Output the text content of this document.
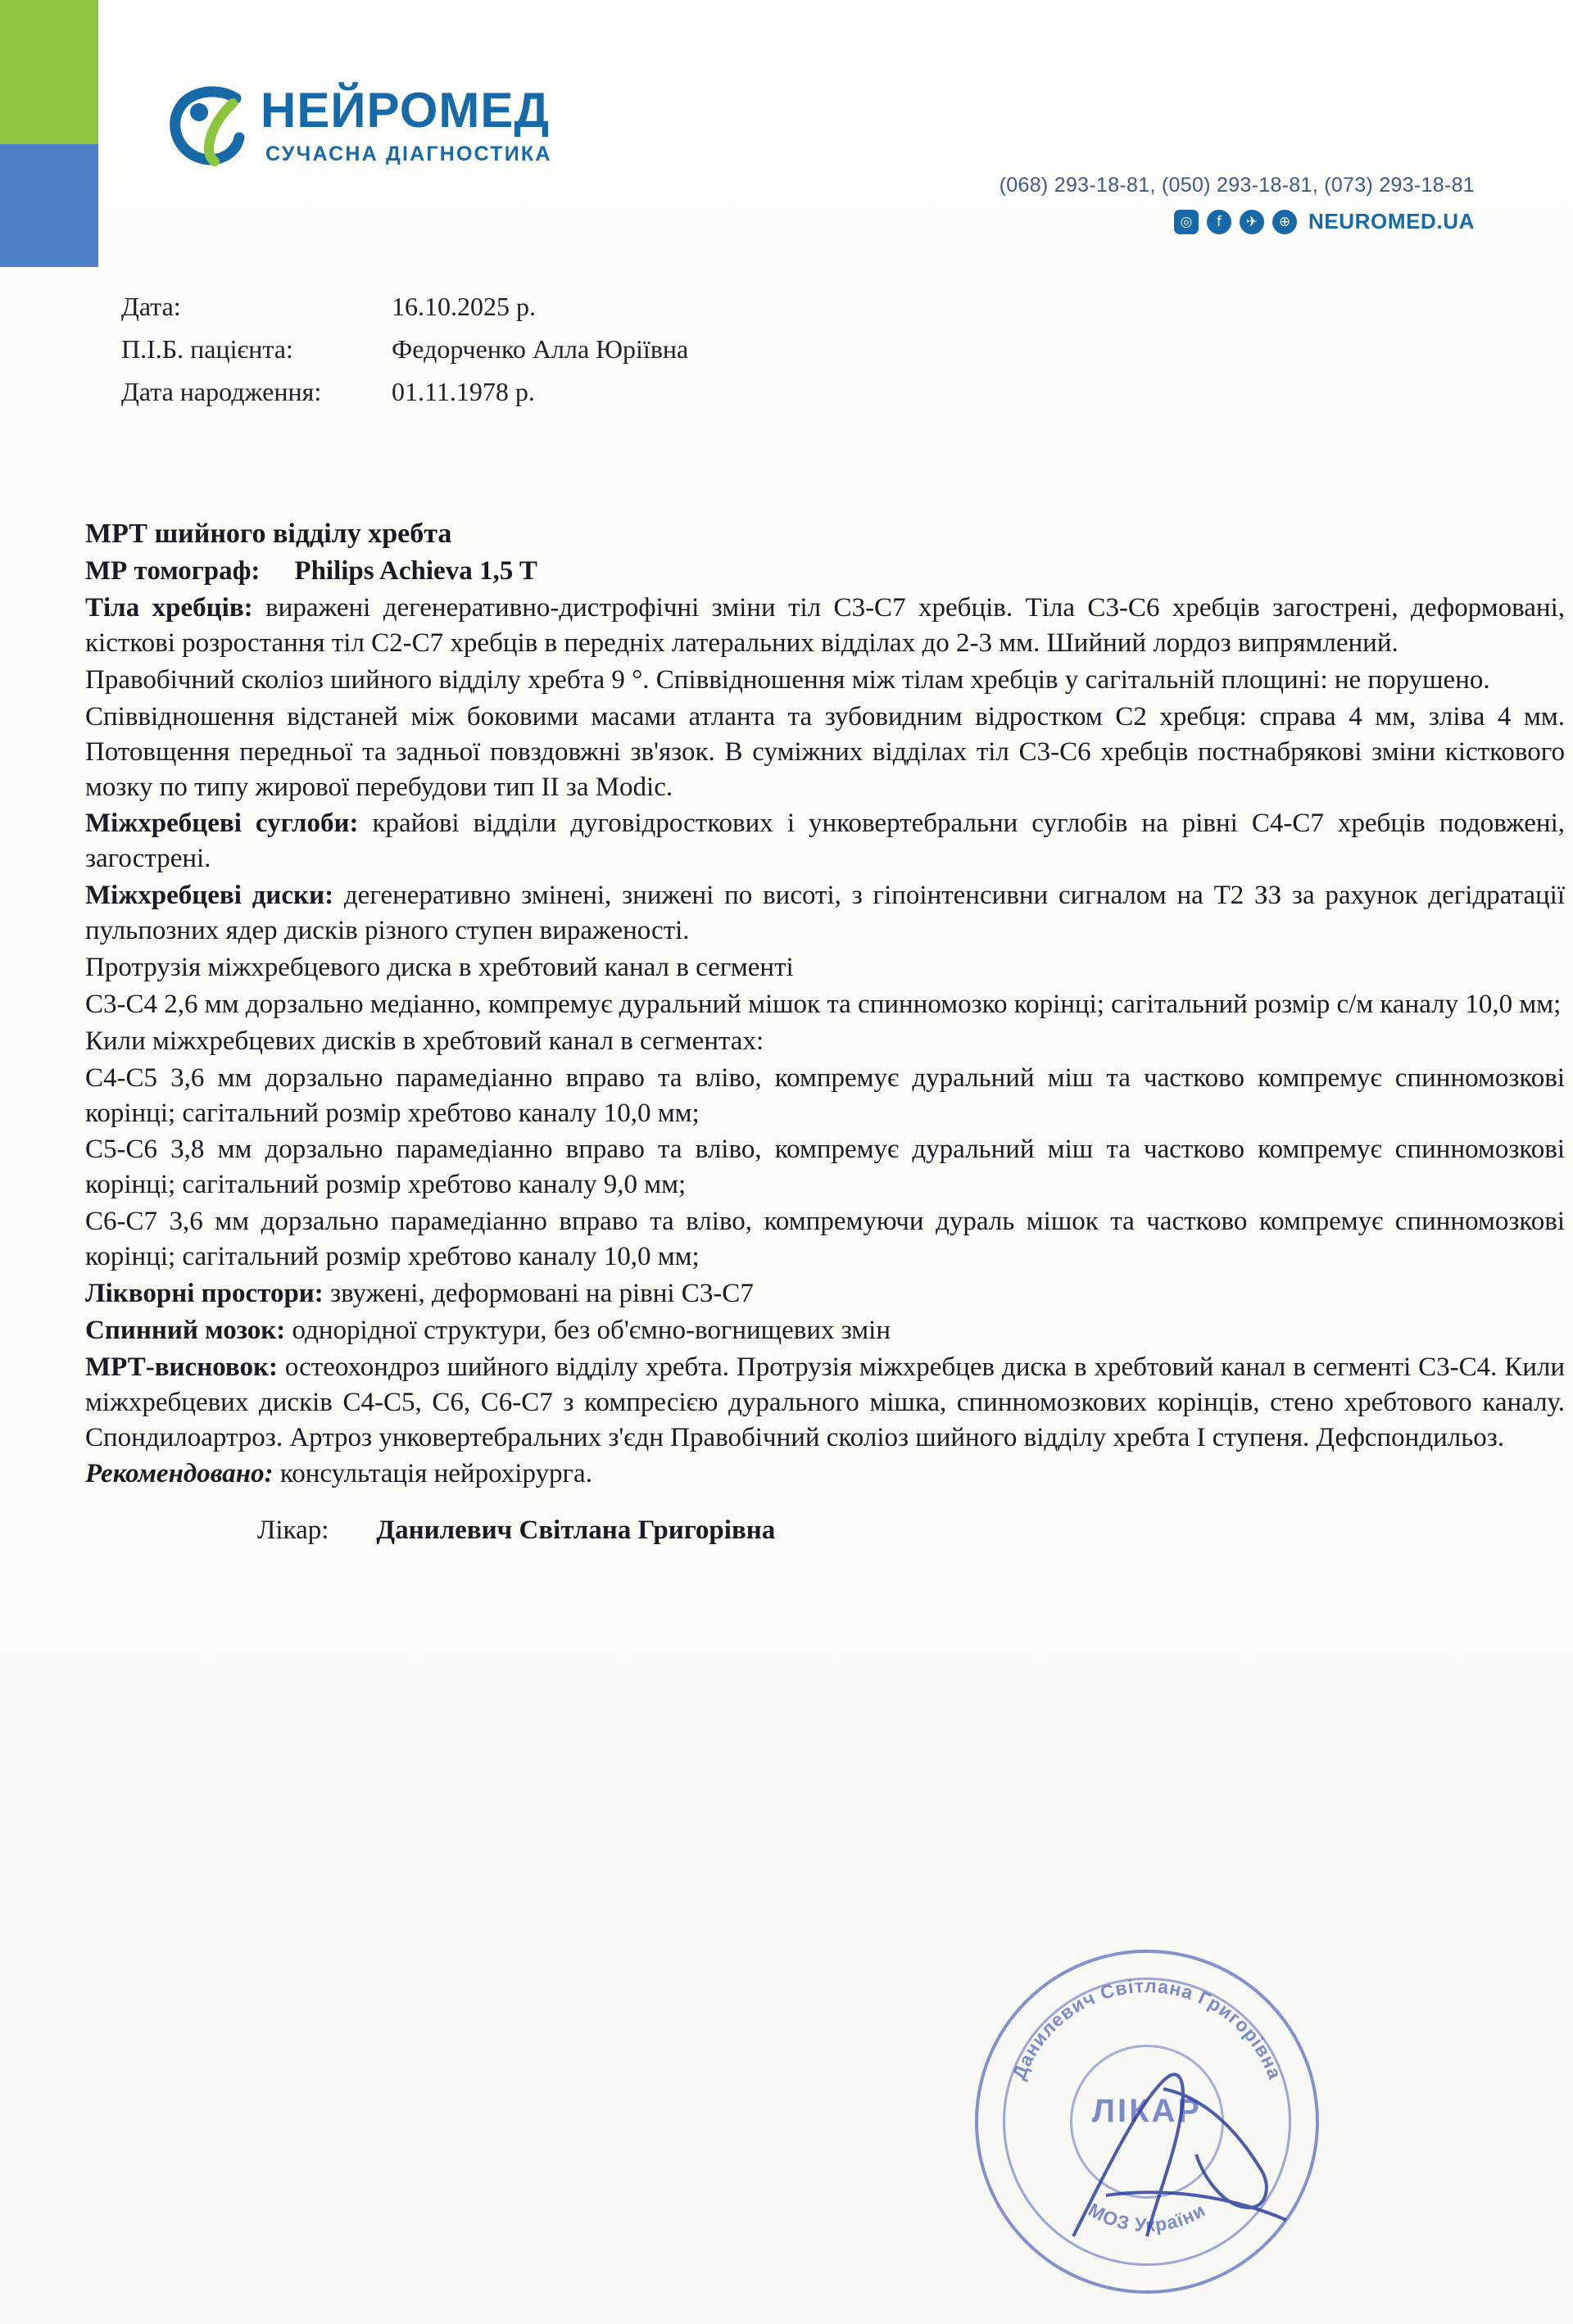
НЕЙРОМЕД
СУЧАСНА ДІАГНОСТИКА
(068) 293-18-81, (050) 293-18-81, (073) 293-18-81
◎	f	✈	⊕ NEUROMED.UA
Дата:	16.10.2025 р.
П.І.Б. пацієнта:	Федорченко Алла Юріївна
Дата народження:	01.11.1978 р.

МРТ шийного відділу хребта

МР томограф: Philips Achieva 1,5 T

Тіла хребців: виражені дегенеративно-дистрофічні зміни тіл С3-С7 хребців. Тіла С3-С6 хребців загострені, деформовані, кісткові розростання тіл С2-С7 хребців в передніх латеральних відділах до 2-3 мм. Шийний лордоз випрямлений.

Правобічний сколіоз шийного відділу хребта 9 °. Співвідношення між тілам хребців у сагітальній площині: не порушено.

Співвідношення відстаней між боковими масами атланта та зубовидним відростком С2 хребця: справа 4 мм, зліва 4 мм. Потовщення передньої та задньої повздовжні зв'язок. В суміжних відділах тіл С3-С6 хребців постнабрякові зміни кісткового мозку по типу жирової перебудови тип ІІ за Modic.

Міжхребцеві суглоби: крайові відділи дуговідросткових і унковертебральни суглобів на рівні С4-С7 хребців подовжені, загострені.

Міжхребцеві диски: дегенеративно змінені, знижені по висоті, з гіпоінтенсивни сигналом на Т2 ЗЗ за рахунок дегідратації пульпозних ядер дисків різного ступен вираженості.

Протрузія міжхребцевого диска в хребтовий канал в сегменті

С3-С4 2,6 мм дорзально медіанно, компремує дуральний мішок та спинномозко корінці; сагітальний розмір с/м каналу 10,0 мм;

Кили міжхребцевих дисків в хребтовий канал в сегментах:

С4-С5 3,6 мм дорзально парамедіанно вправо та вліво, компремує дуральний міш та частково компремує спинномозкові корінці; сагітальний розмір хребтово каналу 10,0 мм;

С5-С6 3,8 мм дорзально парамедіанно вправо та вліво, компремує дуральний міш та частково компремує спинномозкові корінці; сагітальний розмір хребтово каналу 9,0 мм;

С6-С7 3,6 мм дорзально парамедіанно вправо та вліво, компремуючи дураль мішок та частково компремує спинномозкові корінці; сагітальний розмір хребтово каналу 10,0 мм;

Лікворні простори: звужені, деформовані на рівні С3-С7

Спинний мозок: однорідної структури, без об'ємно-вогнищевих змін

МРТ-висновок: остеохондроз шийного відділу хребта. Протрузія міжхребцев диска в хребтовий канал в сегменті С3-С4. Кили міжхребцевих дисків С4-С5, С6, С6-С7 з компресією дурального мішка, спинномозкових корінців, стено хребтового каналу. Спондилоартроз. Артроз унковертебральних з'єдн Правобічний сколіоз шийного відділу хребта І ступеня. Дефспондильоз.

Рекомендовано: консультація нейрохірурга.

Лікар: Данилевич Світлана Григорівна
Данилевич Світлана Григорівна
МОЗ України
ЛІКАР
